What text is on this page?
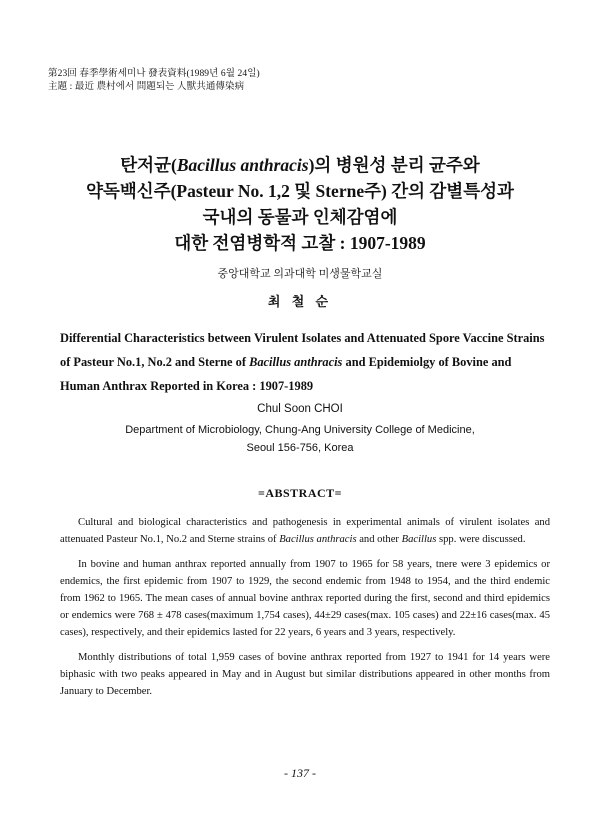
第23回 春季學術세미나 發表資料(1989년 6월 24일)
主題 : 最近 農村에서 問題되는 人獸共通傳染病
탄저균(Bacillus anthracis)의 병원성 분리 균주와
약독백신주(Pasteur No. 1,2 및 Sterne주) 간의 감별특성과
국내의 동물과 인체감염에
대한 전염병학적 고찰 : 1907-1989
중앙대학교 의과대학 미생물학교실
최 철 순
Differential Characteristics between Virulent Isolates and Attenuated Spore Vaccine Strains of Pasteur No.1, No.2 and Sterne of Bacillus anthracis and Epidemiolgy of Bovine and Human Anthrax Reported in Korea : 1907-1989
Chul Soon CHOI
Department of Microbiology, Chung-Ang University College of Medicine,
Seoul 156-756, Korea
=ABSTRACT=

Cultural and biological characteristics and pathogenesis in experimental animals of virulent isolates and attenuated Pasteur No.1, No.2 and Sterne strains of Bacillus anthracis and other Bacillus spp. were discussed.

In bovine and human anthrax reported annually from 1907 to 1965 for 58 years, tnere were 3 epidemics or endemics, the first epidemic from 1907 to 1929, the second endemic from 1948 to 1954, and the third endemic from 1962 to 1965. The mean cases of annual bovine anthrax reported during the first, second and third epidemics or endemics were 768 ± 478 cases(maximum 1,754 cases), 44±29 cases(max. 105 cases) and 22±16 cases(max. 45 cases), respectively, and their epidemics lasted for 22 years, 6 years and 3 years, respectively.

Monthly distributions of total 1,959 cases of bovine anthrax reported from 1927 to 1941 for 14 years were biphasic with two peaks appeared in May and in August but similar distributions appeared in other months from January to December.

- 137 -
